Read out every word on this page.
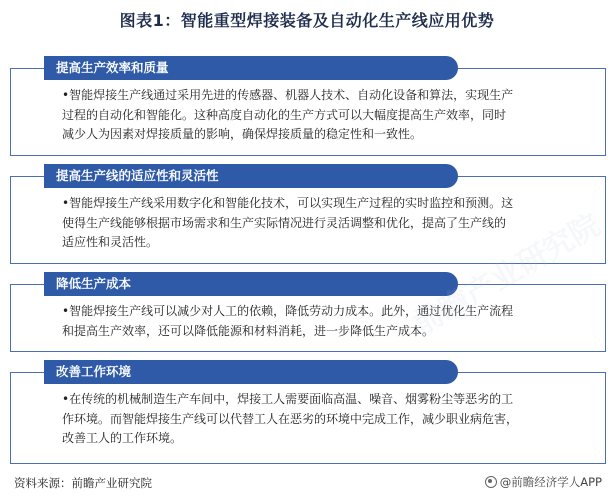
图表1：智能重型焊接装备及自动化生产线应用优势
提高生产效率和质量
•智能焊接生产线通过采用先进的传感器、机器人技术、自动化设备和算法，实现生产
过程的自动化和智能化。这种高度自动化的生产方式可以大幅度提高生产效率，同时
减少人为因素对焊接质量的影响，确保焊接质量的稳定性和一致性。
提高生产线的适应性和灵活性
•智能焊接生产线采用数字化和智能化技术，可以实现生产过程的实时监控和预测。这
使得生产线能够根据市场需求和生产实际情况进行灵活调整和优化，提高了生产线的
适应性和灵活性。
降低生产成本
•智能焊接生产线可以减少对人工的依赖，降低劳动力成本。此外，通过优化生产流程
和提高生产效率，还可以降低能源和材料消耗，进一步降低生产成本。
改善工作环境
•在传统的机械制造生产车间中，焊接工人需要面临高温、噪音、烟雾粉尘等恶劣的工
作环境。而智能焊接生产线可以代替工人在恶劣的环境中完成工作，减少职业病危害，
改善工人的工作环境。
前瞻产业研究院
资料来源：前瞻产业研究院	@前瞻经济学人APP
